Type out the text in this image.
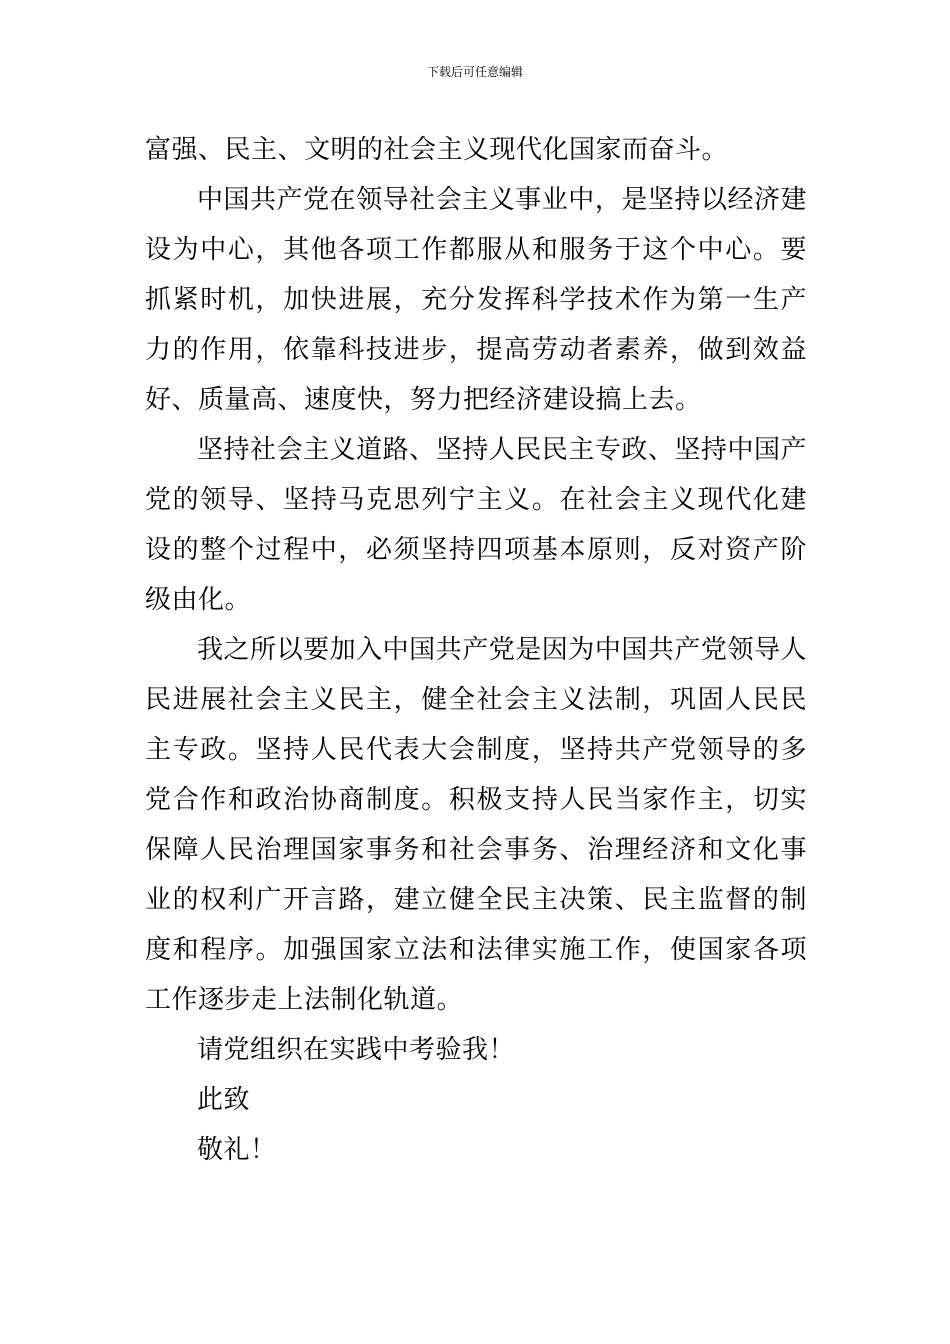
下载后可任意编辑

富强、民主、文明的社会主义现代化国家而奋斗。

中国共产党在领导社会主义事业中，是坚持以经济建设为中心，其他各项工作都服从和服务于这个中心。要抓紧时机，加快进展，充分发挥科学技术作为第一生产力的作用，依靠科技进步，提高劳动者素养，做到效益好、质量高、速度快，努力把经济建设搞上去。

坚持社会主义道路、坚持人民民主专政、坚持中国产党的领导、坚持马克思列宁主义。在社会主义现代化建设的整个过程中，必须坚持四项基本原则，反对资产阶级由化。

我之所以要加入中国共产党是因为中国共产党领导人民进展社会主义民主，健全社会主义法制，巩固人民民主专政。坚持人民代表大会制度，坚持共产党领导的多党合作和政治协商制度。积极支持人民当家作主，切实保障人民治理国家事务和社会事务、治理经济和文化事业的权利广开言路，建立健全民主决策、民主监督的制度和程序。加强国家立法和法律实施工作，使国家各项工作逐步走上法制化轨道。

请党组织在实践中考验我！

此致

敬礼！
